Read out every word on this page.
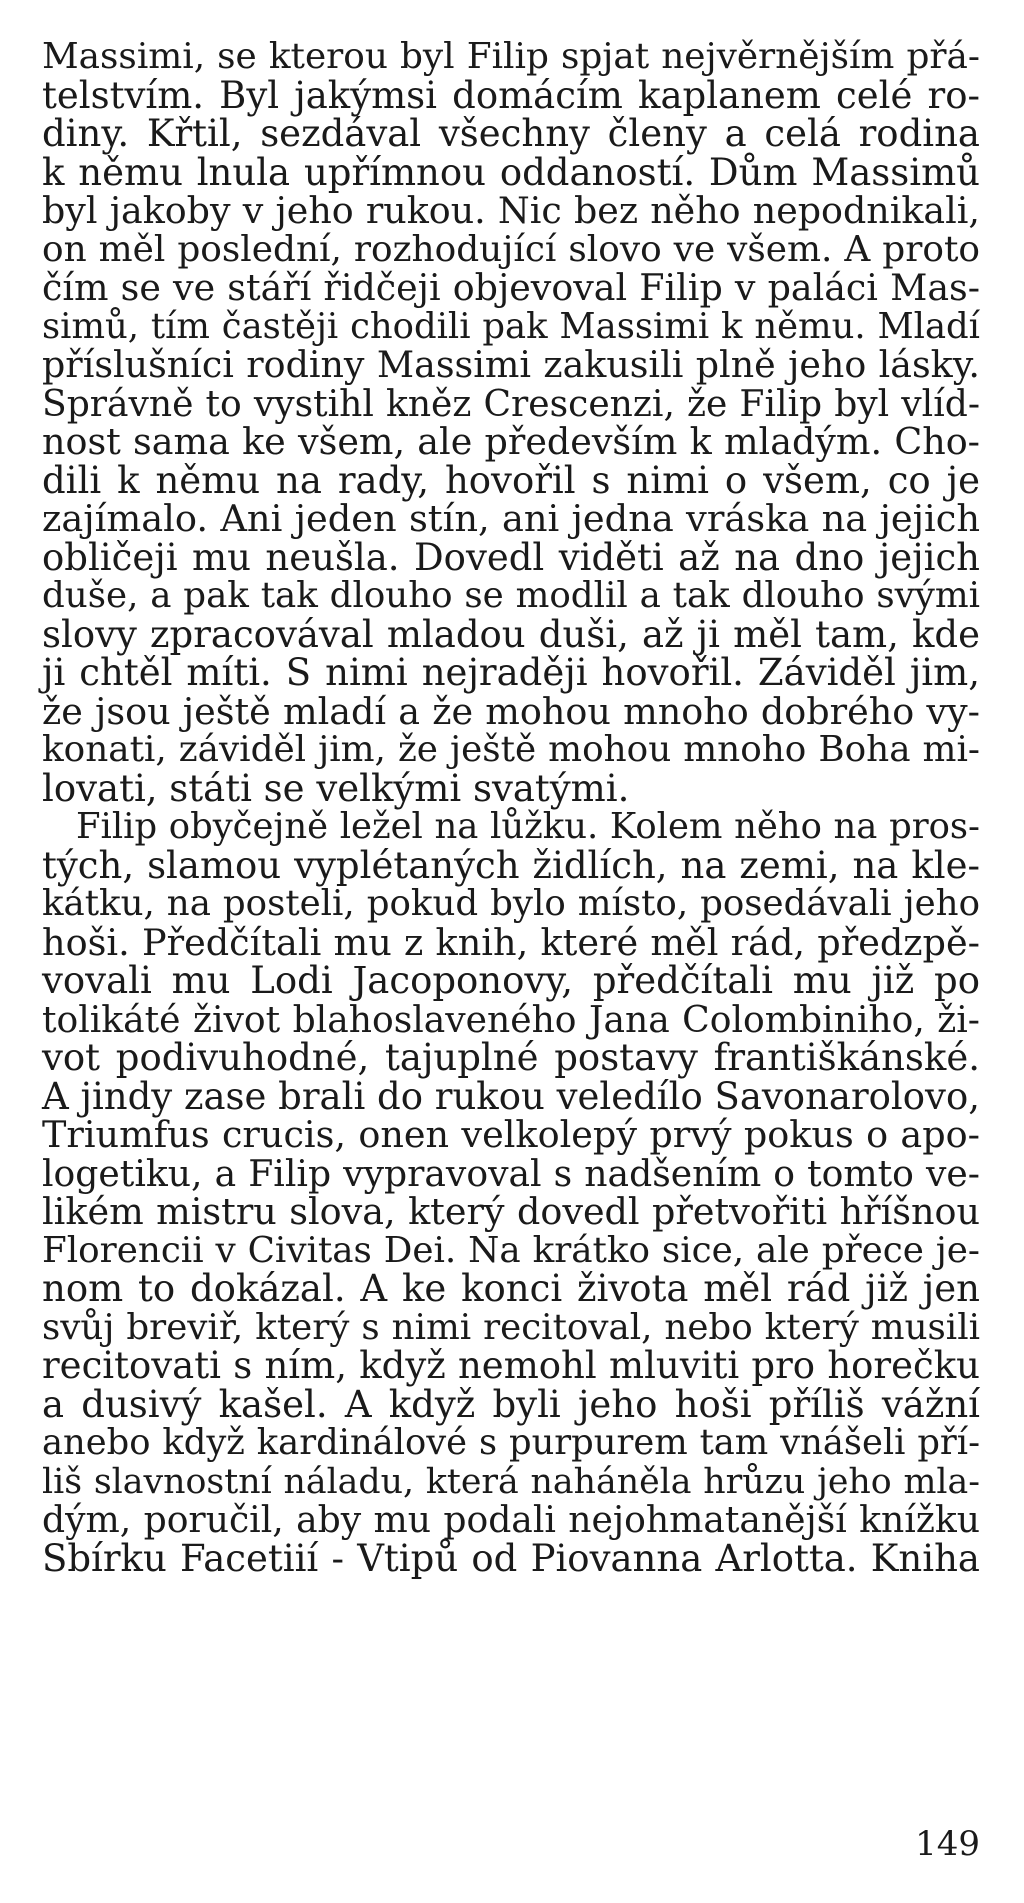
Massimi, se kterou byl Filip spjat nejvěrnějším přá-
telstvím. Byl jakýmsi domácím kaplanem celé ro-
diny. Křtil, sezdával všechny členy a celá rodina
k němu lnula upřímnou oddaností. Dům Massimů
byl jakoby v jeho rukou. Nic bez něho nepodnikali,
on měl poslední, rozhodující slovo ve všem. A proto
čím se ve stáří řidčeji objevoval Filip v paláci Mas-
simů, tím častěji chodili pak Massimi k němu. Mladí
příslušníci rodiny Massimi zakusili plně jeho lásky.
Správně to vystihl kněz Crescenzi, že Filip byl vlíd-
nost sama ke všem, ale především k mladým. Cho-
dili k němu na rady, hovořil s nimi o všem, co je
zajímalo. Ani jeden stín, ani jedna vráska na jejich
obličeji mu neušla. Dovedl viděti až na dno jejich
duše, a pak tak dlouho se modlil a tak dlouho svými
slovy zpracovával mladou duši, až ji měl tam, kde
ji chtěl míti. S nimi nejraději hovořil. Záviděl jim,
že jsou ještě mladí a že mohou mnoho dobrého vy-
konati, záviděl jim, že ještě mohou mnoho Boha mi-
lovati, státi se velkými svatými.
Filip obyčejně ležel na lůžku. Kolem něho na pros-
tých, slamou vyplétaných židlích, na zemi, na kle-
kátku, na posteli, pokud bylo místo, posedávali jeho
hoši. Předčítali mu z knih, které měl rád, předzpě-
vovali mu Lodi Jacoponovy, předčítali mu již po
tolikáté život blahoslaveného Jana Colombiniho, ži-
vot podivuhodné, tajuplné postavy františkánské.
A jindy zase brali do rukou veledílo Savonarolovo,
Triumfus crucis, onen velkolepý prvý pokus o apo-
logetiku, a Filip vypravoval s nadšením o tomto ve-
likém mistru slova, který dovedl přetvořiti hříšnou
Florencii v Civitas Dei. Na krátko sice, ale přece je-
nom to dokázal. A ke konci života měl rád již jen
svůj breviř, který s nimi recitoval, nebo který musili
recitovati s ním, když nemohl mluviti pro horečku
a dusivý kašel. A když byli jeho hoši příliš vážní
anebo když kardinálové s purpurem tam vnášeli pří-
liš slavnostní náladu, která naháněla hrůzu jeho mla-
dým, poručil, aby mu podali nejohmatanější knížku
Sbírku Facetiií - Vtipů od Piovanna Arlotta. Kniha
149
